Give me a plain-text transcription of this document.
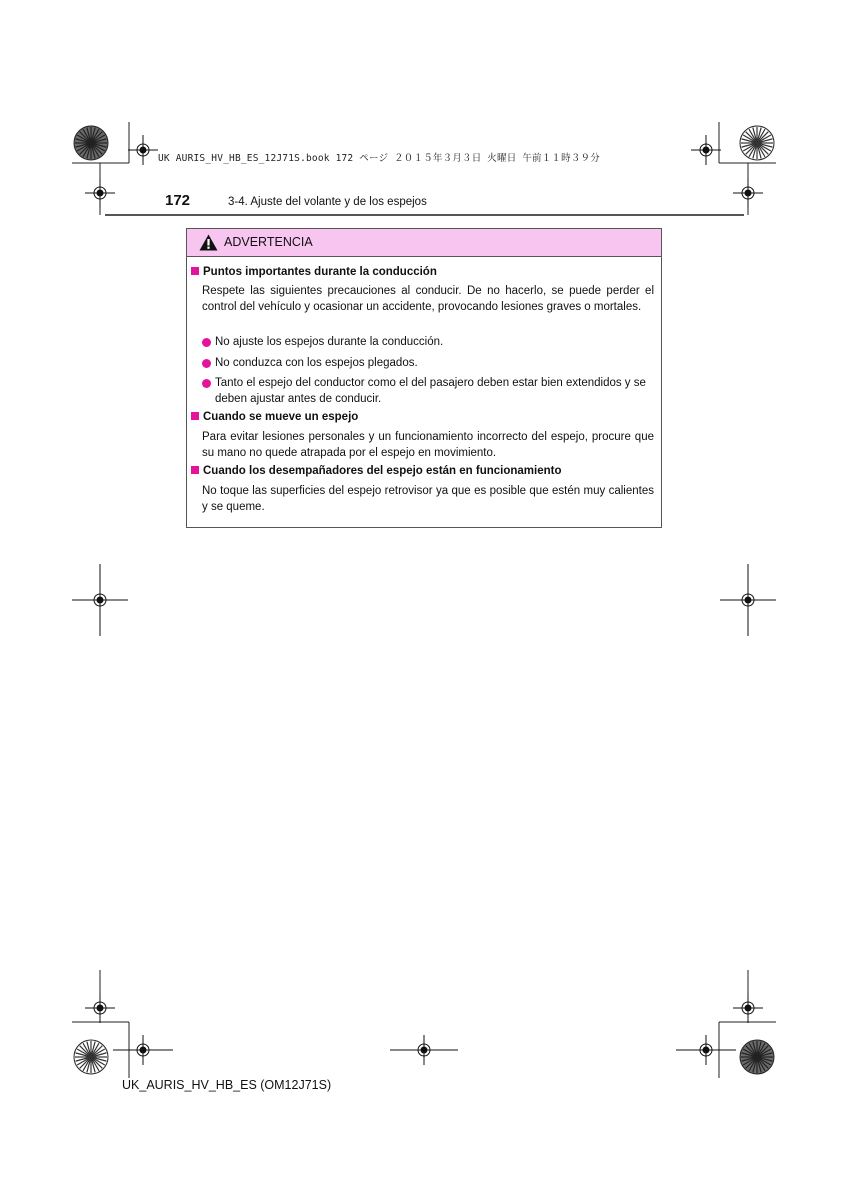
UK AURIS_HV_HB_ES_12J71S.book 172 ページ ２０１５年３月３日 火曜日 午前１１時３９分
172	3-4. Ajuste del volante y de los espejos
ADVERTENCIA
Puntos importantes durante la conducción
Respete las siguientes precauciones al conducir. De no hacerlo, se puede perder el control del vehículo y ocasionar un accidente, provocando lesiones graves o mortales.
No ajuste los espejos durante la conducción.
No conduzca con los espejos plegados.
Tanto el espejo del conductor como el del pasajero deben estar bien extendidos y se deben ajustar antes de conducir.
Cuando se mueve un espejo
Para evitar lesiones personales y un funcionamiento incorrecto del espejo, procure que su mano no quede atrapada por el espejo en movimiento.
Cuando los desempañadores del espejo están en funcionamiento
No toque las superficies del espejo retrovisor ya que es posible que estén muy calientes y se queme.
UK_AURIS_HV_HB_ES (OM12J71S)
